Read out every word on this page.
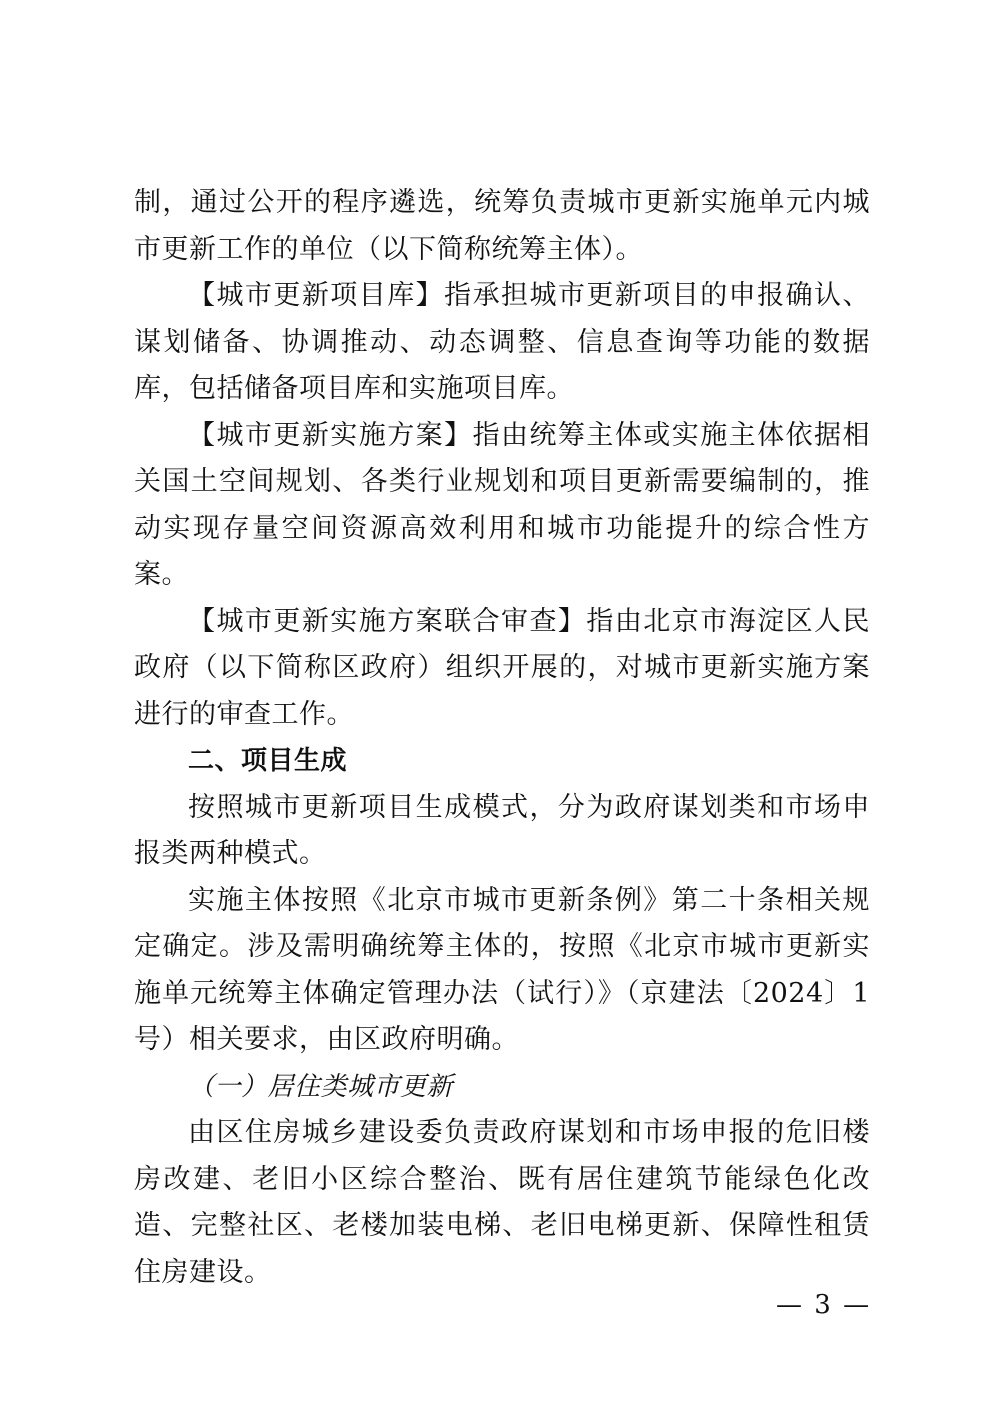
制，通过公开的程序遴选，统筹负责城市更新实施单元内城市更新工作的单位（以下简称统筹主体）。

【城市更新项目库】指承担城市更新项目的申报确认、谋划储备、协调推动、动态调整、信息查询等功能的数据库，包括储备项目库和实施项目库。

【城市更新实施方案】指由统筹主体或实施主体依据相关国土空间规划、各类行业规划和项目更新需要编制的，推动实现存量空间资源高效利用和城市功能提升的综合性方案。

【城市更新实施方案联合审查】指由北京市海淀区人民政府（以下简称区政府）组织开展的，对城市更新实施方案进行的审查工作。

二、项目生成

按照城市更新项目生成模式，分为政府谋划类和市场申报类两种模式。

实施主体按照《北京市城市更新条例》第二十条相关规定确定。涉及需明确统筹主体的，按照《北京市城市更新实施单元统筹主体确定管理办法（试行）》（京建法〔2024〕1号）相关要求，由区政府明确。

（一）居住类城市更新

由区住房城乡建设委负责政府谋划和市场申报的危旧楼房改建、老旧小区综合整治、既有居住建筑节能绿色化改造、完整社区、老楼加装电梯、老旧电梯更新、保障性租赁住房建设。

— 3 —
